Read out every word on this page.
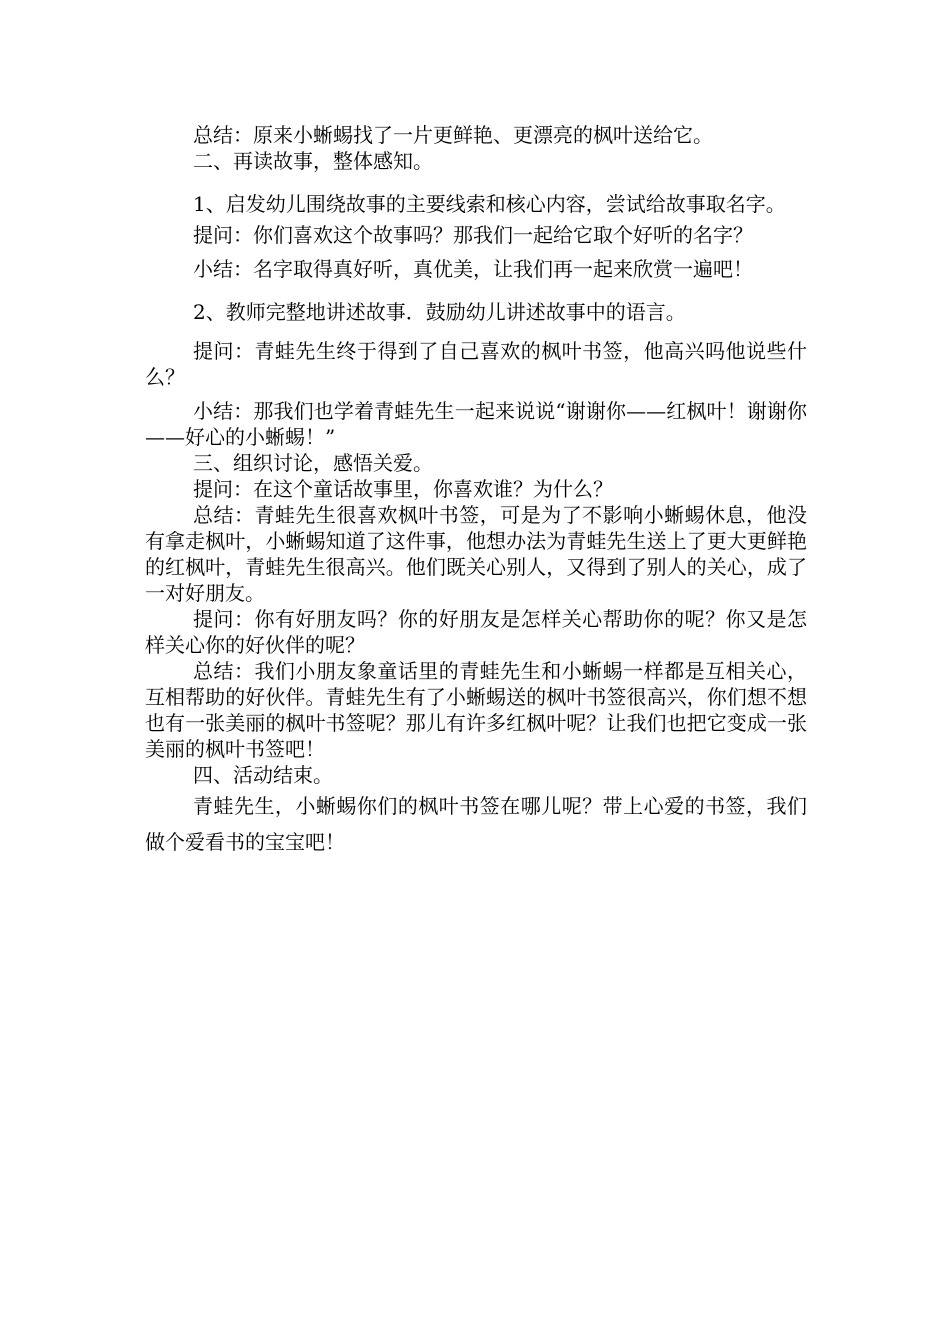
总结：原来小蜥蜴找了一片更鲜艳、更漂亮的枫叶送给它。

二、再读故事，整体感知。

1、启发幼儿围绕故事的主要线索和核心内容，尝试给故事取名字。

提问：你们喜欢这个故事吗？那我们一起给它取个好听的名字？

小结：名字取得真好听，真优美，让我们再一起来欣赏一遍吧！

2、教师完整地讲述故事．鼓励幼儿讲述故事中的语言。

提问：青蛙先生终于得到了自己喜欢的枫叶书签，他高兴吗他说些什么？

小结：那我们也学着青蛙先生一起来说说“谢谢你——红枫叶！谢谢你——好心的小蜥蜴！”

三、组织讨论，感悟关爱。

提问：在这个童话故事里，你喜欢谁？为什么？

总结：青蛙先生很喜欢枫叶书签，可是为了不影响小蜥蜴休息，他没有拿走枫叶，小蜥蜴知道了这件事，他想办法为青蛙先生送上了更大更鲜艳的红枫叶，青蛙先生很高兴。他们既关心别人，又得到了别人的关心，成了一对好朋友。

提问：你有好朋友吗？你的好朋友是怎样关心帮助你的呢？你又是怎样关心你的好伙伴的呢？

总结：我们小朋友象童话里的青蛙先生和小蜥蜴一样都是互相关心，互相帮助的好伙伴。青蛙先生有了小蜥蜴送的枫叶书签很高兴，你们想不想也有一张美丽的枫叶书签呢？那儿有许多红枫叶呢？让我们也把它变成一张美丽的枫叶书签吧！

四、活动结束。

青蛙先生，小蜥蜴你们的枫叶书签在哪儿呢？带上心爱的书签，我们做个爱看书的宝宝吧！
